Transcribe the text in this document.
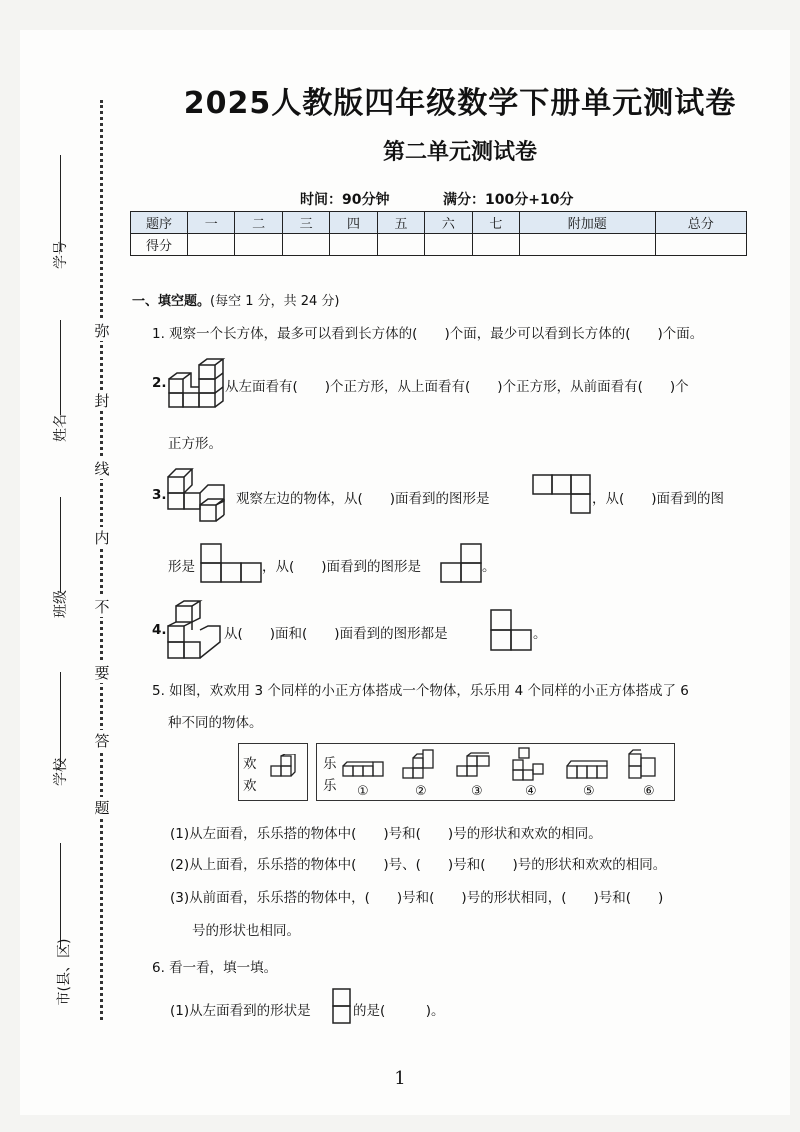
学号
姓名
班级
学校
市(县、区)
弥
封
线
内
不
要
答
题
2025人教版四年级数学下册单元测试卷
第二单元测试卷
时间：90分钟	满分：100分+10分
题序	一	二	三	四	五	六	七	附加题	总分
得分									
一、填空题。(每空 1 分，共 24 分)
1. 观察一个长方体，最多可以看到长方体的(　　)个面，最少可以看到长方体的(　　)个面。
2.	从左面看有(　　)个正方形，从上面看有(　　)个正方形，从前面看有(　　)个
正方形。
3.	观察左边的物体，从(　　)面看到的图形是	，从(　　)面看到的图
形是	，从(　　)面看到的图形是	。
4.	从(　　)面和(　　)面看到的图形都是	。
5. 如图，欢欢用 3 个同样的小正方体搭成一个物体，乐乐用 4 个同样的小正方体搭成了 6
种不同的物体。
欢
欢
乐
乐 ①	②	③	④	⑤	⑥
(1)从左面看，乐乐搭的物体中(　　)号和(　　)号的形状和欢欢的相同。
(2)从上面看，乐乐搭的物体中(　　)号、(　　)号和(　　)号的形状和欢欢的相同。
(3)从前面看，乐乐搭的物体中，(　　)号和(　　)号的形状相同，(　　)号和(　　)
号的形状也相同。
6. 看一看，填一填。
(1)从左面看到的形状是	的是(　　　)。
1
